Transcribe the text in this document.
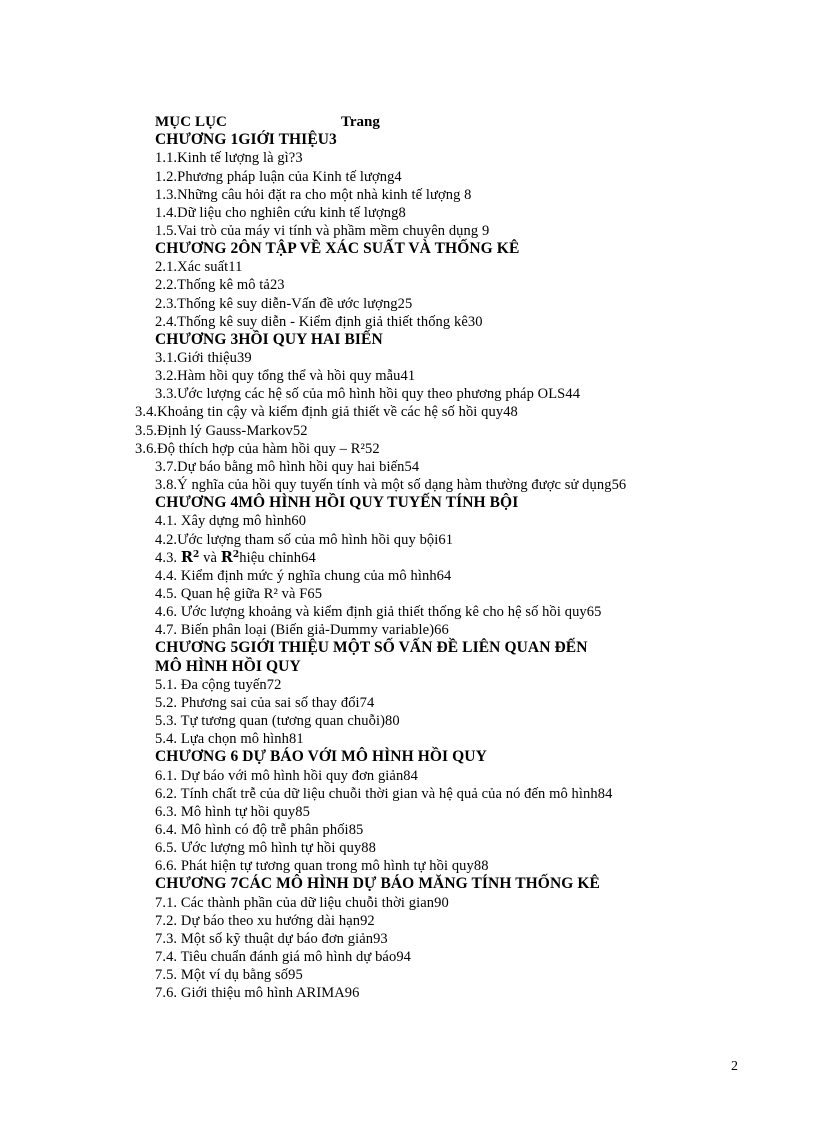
MỤC LỤC	Trang
CHƯƠNG 1GIỚI THIỆU3
1.1.Kinh tế lượng là gì?3
1.2.Phương pháp luận của Kinh tế lượng4
1.3.Những câu hỏi đặt ra cho một nhà kinh tế lượng 8
1.4.Dữ liệu cho nghiên cứu kinh tế lượng8
1.5.Vai trò của máy vi tính và phầm mềm chuyên dụng 9
CHƯƠNG 2ÔN TẬP VỀ XÁC SUẤT VÀ THỐNG KÊ
2.1.Xác suất11
2.2.Thống kê mô tả23
2.3.Thống kê suy diễn-Vấn đề ước lượng25
2.4.Thống kê suy diễn - Kiểm định giả thiết thống kê30
CHƯƠNG 3HỒI QUY HAI BIẾN
3.1.Giới thiệu39
3.2.Hàm hồi quy tổng thể và hồi quy mẫu41
3.3.Ước lượng các hệ số của mô hình hồi quy theo phương pháp OLS44
3.4.Khoảng tin cậy và kiểm định giả thiết về các hệ số hồi quy48
3.5.Định lý Gauss-Markov52
3.6.Độ thích hợp của hàm hồi quy – R²52
3.7.Dự báo bằng mô hình hồi quy hai biến54
3.8.Ý nghĩa của hồi quy tuyến tính và một số dạng hàm thường được sử dụng56
CHƯƠNG 4MÔ HÌNH HỒI QUY TUYẾN TÍNH BỘI
4.1. Xây dựng mô hình60
4.2.Ước lượng tham số của mô hình hồi quy bội61
4.3. $R^2$ và $R^2hiệu$ chỉnh64
4.4. Kiểm định mức ý nghĩa chung của mô hình64
4.5. Quan hệ giữa R² và F65
4.6. Ước lượng khoảng và kiểm định giả thiết thống kê cho hệ số hồi quy65
4.7. Biến phân loại (Biến giả-Dummy variable)66
CHƯƠNG 5GIỚI THIỆU MỘT SỐ VẤN ĐỀ LIÊN QUAN ĐẾN
MÔ HÌNH HỒI QUY
5.1. Đa cộng tuyến72
5.2. Phương sai của sai số thay đổi74
5.3. Tự tương quan (tương quan chuỗi)80
5.4. Lựa chọn mô hình81
CHƯƠNG 6 DỰ BÁO VỚI MÔ HÌNH HỒI QUY
6.1. Dự báo với mô hình hồi quy đơn giản84
6.2. Tính chất trễ của dữ liệu chuỗi thời gian và hệ quả của nó đến mô hình84
6.3. Mô hình tự hồi quy85
6.4. Mô hình có độ trễ phân phối85
6.5. Ước lượng mô hình tự hồi quy88
6.6. Phát hiện tự tương quan trong mô hình tự hồi quy88
CHƯƠNG 7CÁC MÔ HÌNH DỰ BÁO MĂNG TÍNH THỐNG KÊ
7.1. Các thành phần của dữ liệu chuỗi thời gian90
7.2. Dự báo theo xu hướng dài hạn92
7.3. Một số kỹ thuật dự báo đơn giản93
7.4. Tiêu chuẩn đánh giá mô hình dự báo94
7.5. Một ví dụ bằng số95
7.6. Giới thiệu mô hình ARIMA96
2
